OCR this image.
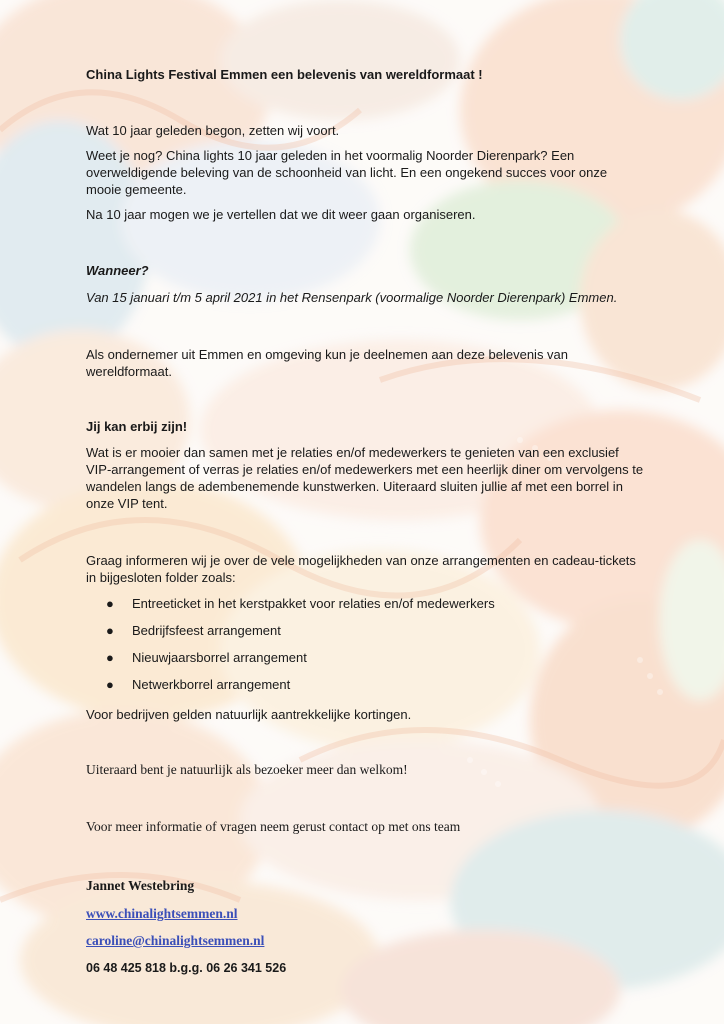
China Lights Festival Emmen een belevenis van wereldformaat !

Wat 10 jaar geleden begon, zetten wij voort.

Weet je nog? China lights 10 jaar geleden in het voormalig Noorder Dierenpark? Een overweldigende beleving van de schoonheid van licht. En een ongekend succes voor onze mooie gemeente.

Na 10 jaar mogen we je vertellen dat we dit weer gaan organiseren.

Wanneer?

Van 15 januari t/m 5 april 2021 in het Rensenpark (voormalige Noorder Dierenpark) Emmen.

Als ondernemer uit Emmen en omgeving kun je deelnemen aan deze belevenis van wereldformaat.

Jij kan erbij zijn!

Wat is er mooier dan samen met je relaties en/of medewerkers te genieten van een exclusief VIP-arrangement of verras je relaties en/of medewerkers met een heerlijk diner om vervolgens te wandelen langs de adembenemende kunstwerken. Uiteraard sluiten jullie af met een borrel in onze VIP tent.

Graag informeren wij je over de vele mogelijkheden van onze arrangementen en cadeau-tickets in bijgesloten folder zoals:

● Entreeticket in het kerstpakket voor relaties en/of medewerkers
● Bedrijfsfeest arrangement
● Nieuwjaarsborrel arrangement
● Netwerkborrel arrangement

Voor bedrijven gelden natuurlijk aantrekkelijke kortingen.

Uiteraard bent je natuurlijk als bezoeker meer dan welkom!

Voor meer informatie of vragen neem gerust contact op met ons team

Jannet Westebring

www.chinalightsemmen.nl

caroline@chinalightsemmen.nl

06 48 425 818 b.g.g. 06 26 341 526
